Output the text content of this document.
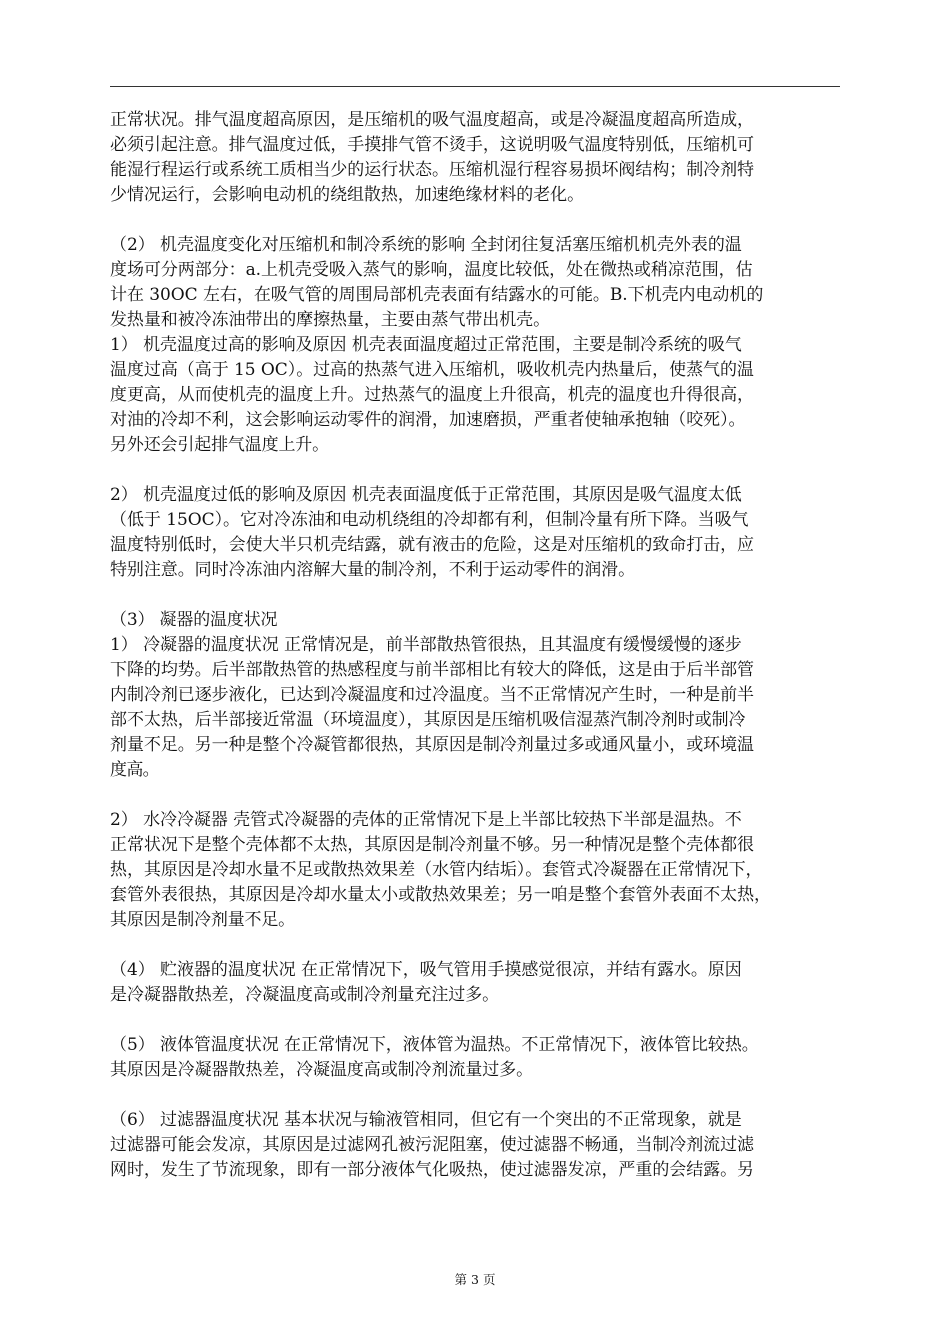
正常状况。排气温度超高原因，是压缩机的吸气温度超高，或是冷凝温度超高所造成，
必须引起注意。排气温度过低，手摸排气管不烫手，这说明吸气温度特别低，压缩机可
能湿行程运行或系统工质相当少的运行状态。压缩机湿行程容易损坏阀结构；制冷剂特
少情况运行，会影响电动机的绕组散热，加速绝缘材料的老化。
（2） 机壳温度变化对压缩机和制冷系统的影响 全封闭往复活塞压缩机机壳外表的温
度场可分两部分：a.上机壳受吸入蒸气的影响，温度比较低，处在微热或稍凉范围，估
计在 30OC 左右，在吸气管的周围局部机壳表面有结露水的可能。B.下机壳内电动机的
发热量和被冷冻油带出的摩擦热量，主要由蒸气带出机壳。
1） 机壳温度过高的影响及原因 机壳表面温度超过正常范围，主要是制冷系统的吸气
温度过高（高于 15 OC）。过高的热蒸气进入压缩机，吸收机壳内热量后，使蒸气的温
度更高，从而使机壳的温度上升。过热蒸气的温度上升很高，机壳的温度也升得很高，
对油的冷却不利，这会影响运动零件的润滑，加速磨损，严重者使轴承抱轴（咬死）。
另外还会引起排气温度上升。
2） 机壳温度过低的影响及原因 机壳表面温度低于正常范围，其原因是吸气温度太低
（低于 15OC）。它对冷冻油和电动机绕组的冷却都有利，但制冷量有所下降。当吸气
温度特别低时，会使大半只机壳结露，就有液击的危险，这是对压缩机的致命打击，应
特别注意。同时冷冻油内溶解大量的制冷剂，不利于运动零件的润滑。
（3） 凝器的温度状况
1） 冷凝器的温度状况 正常情况是，前半部散热管很热，且其温度有缓慢缓慢的逐步
下降的均势。后半部散热管的热感程度与前半部相比有较大的降低，这是由于后半部管
内制冷剂已逐步液化，已达到冷凝温度和过冷温度。当不正常情况产生时，一种是前半
部不太热，后半部接近常温（环境温度），其原因是压缩机吸信湿蒸汽制冷剂时或制冷
剂量不足。另一种是整个冷凝管都很热，其原因是制冷剂量过多或通风量小，或环境温
度高。
2） 水冷冷凝器 壳管式冷凝器的壳体的正常情况下是上半部比较热下半部是温热。不
正常状况下是整个壳体都不太热，其原因是制冷剂量不够。另一种情况是整个壳体都很
热，其原因是冷却水量不足或散热效果差（水管内结垢）。套管式冷凝器在正常情况下，
套管外表很热，其原因是冷却水量太小或散热效果差；另一咱是整个套管外表面不太热，
其原因是制冷剂量不足。
（4） 贮液器的温度状况 在正常情况下，吸气管用手摸感觉很凉，并结有露水。原因
是冷凝器散热差，冷凝温度高或制冷剂量充注过多。
（5） 液体管温度状况 在正常情况下，液体管为温热。不正常情况下，液体管比较热。
其原因是冷凝器散热差，冷凝温度高或制冷剂流量过多。
（6） 过滤器温度状况 基本状况与输液管相同，但它有一个突出的不正常现象，就是
过滤器可能会发凉，其原因是过滤网孔被污泥阻塞，使过滤器不畅通，当制冷剂流过滤
网时，发生了节流现象，即有一部分液体气化吸热，使过滤器发凉，严重的会结露。另
第 3 页
